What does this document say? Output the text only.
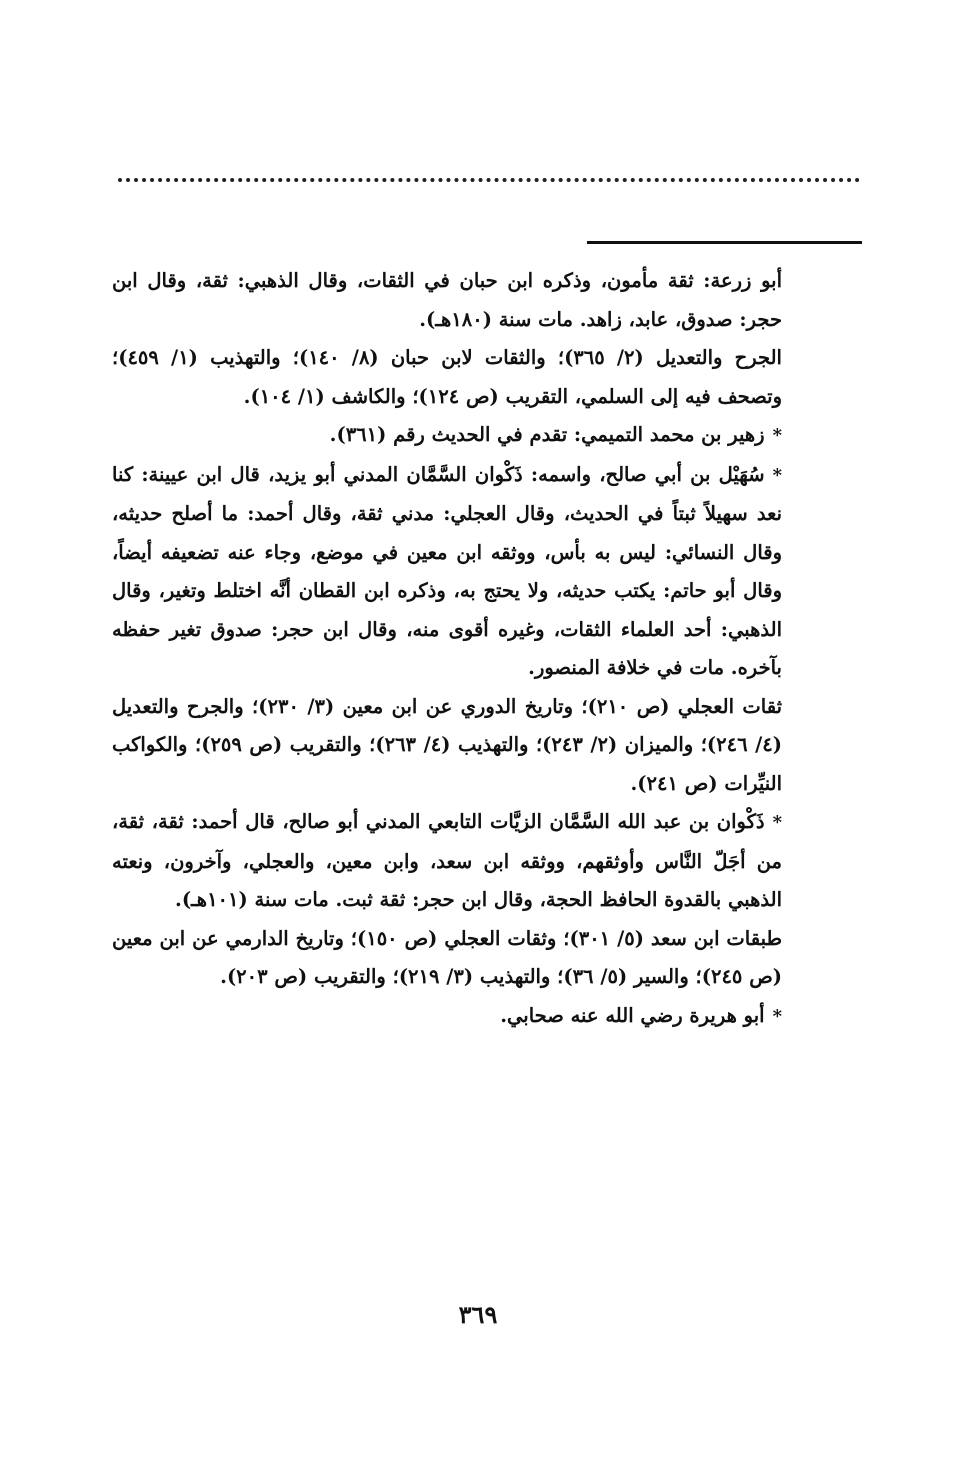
أبو زرعة: ثقة مأمون، وذكره ابن حبان في الثقات، وقال الذهبي: ثقة، وقال ابن حجر: صدوق، عابد، زاهد. مات سنة (١٨٠هـ).

الجرح والتعديل (٢/ ٣٦٥)؛ والثقات لابن حبان (٨/ ١٤٠)؛ والتهذيب (١/ ٤٥٩)؛ وتصحف فيه إلى السلمي، التقريب (ص ١٢٤)؛ والكاشف (١/ ١٠٤).

*زهير بن محمد التميمي: تقدم في الحديث رقم (٣٦١).

*سُهَيْل بن أبي صالح، واسمه: ذَكْوان السَّمَّان المدني أبو يزيد، قال ابن عيينة: كنا نعد سهيلاً ثبتاً في الحديث، وقال العجلي: مدني ثقة، وقال أحمد: ما أصلح حديثه، وقال النسائي: ليس به بأس، ووثقه ابن معين في موضع، وجاء عنه تضعيفه أيضاً، وقال أبو حاتم: يكتب حديثه، ولا يحتج به، وذكره ابن القطان أنَّه اختلط وتغير، وقال الذهبي: أحد العلماء الثقات، وغيره أقوى منه، وقال ابن حجر: صدوق تغير حفظه بآخره. مات في خلافة المنصور.

ثقات العجلي (ص ٢١٠)؛ وتاريخ الدوري عن ابن معين (٣/ ٢٣٠)؛ والجرح والتعديل (٤/ ٢٤٦)؛ والميزان (٢/ ٢٤٣)؛ والتهذيب (٤/ ٢٦٣)؛ والتقريب (ص ٢٥٩)؛ والكواكب النيِّرات (ص ٢٤١).

*ذَكْوان بن عبد الله السَّمَّان الزيَّات التابعي المدني أبو صالح، قال أحمد: ثقة، ثقة، من أجَلّ النَّاس وأوثقهم، ووثقه ابن سعد، وابن معين، والعجلي، وآخرون، ونعته الذهبي بالقدوة الحافظ الحجة، وقال ابن حجر: ثقة ثبت. مات سنة (١٠١هـ).

طبقات ابن سعد (٥/ ٣٠١)؛ وثقات العجلي (ص ١٥٠)؛ وتاريخ الدارمي عن ابن معين (ص ٢٤٥)؛ والسير (٥/ ٣٦)؛ والتهذيب (٣/ ٢١٩)؛ والتقريب (ص ٢٠٣).

*أبو هريرة رضي الله عنه صحابي.

٣٦٩
